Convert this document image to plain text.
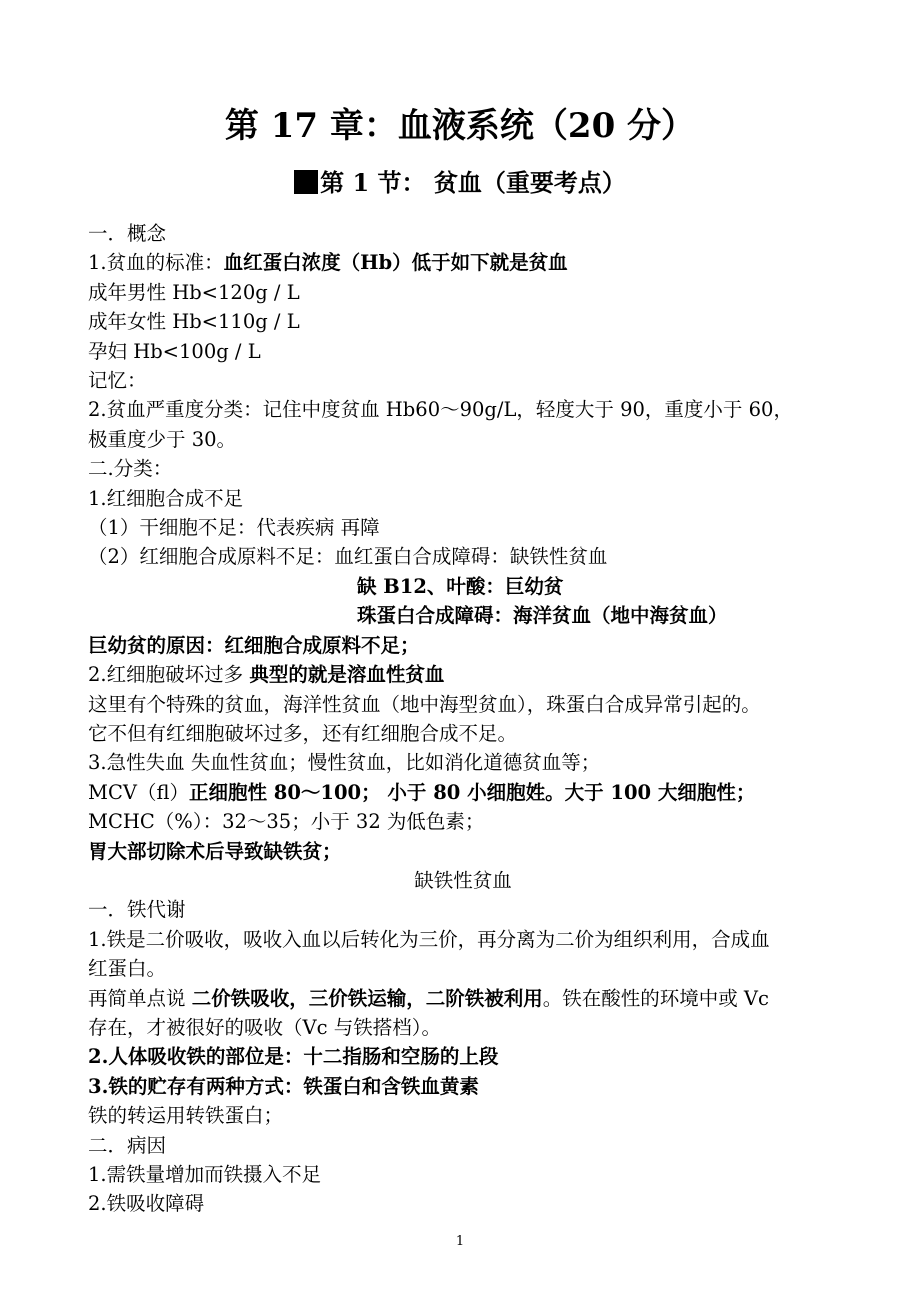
第 17 章：血液系统（20 分）
第 1 节： 贫血（重要考点）
一．概念
1.贫血的标准：血红蛋白浓度（Hb）低于如下就是贫血
成年男性 Hb<120g / L
成年女性 Hb<110g / L
孕妇 Hb<100g / L
记忆：
2.贫血严重度分类：记住中度贫血 Hb60～90g/L，轻度大于 90，重度小于 60，
极重度少于 30。
二.分类：
1.红细胞合成不足
（1）干细胞不足：代表疾病 再障
（2）红细胞合成原料不足：血红蛋白合成障碍：缺铁性贫血
缺 B12、叶酸：巨幼贫
珠蛋白合成障碍：海洋贫血（地中海贫血）
巨幼贫的原因：红细胞合成原料不足；
2.红细胞破坏过多 典型的就是溶血性贫血
这里有个特殊的贫血，海洋性贫血（地中海型贫血），珠蛋白合成异常引起的。
它不但有红细胞破坏过多，还有红细胞合成不足。
3.急性失血 失血性贫血；慢性贫血，比如消化道德贫血等；
MCV（fl）正细胞性 80～100； 小于 80 小细胞姓。大于 100 大细胞性；
MCHC（%）：32～35；小于 32 为低色素；
胃大部切除术后导致缺铁贫；
缺铁性贫血
一．铁代谢
1.铁是二价吸收，吸收入血以后转化为三价，再分离为二价为组织利用，合成血
红蛋白。
再简单点说 二价铁吸收，三价铁运输，二阶铁被利用。铁在酸性的环境中或 Vc
存在，才被很好的吸收（Vc 与铁搭档）。
2.人体吸收铁的部位是：十二指肠和空肠的上段
3.铁的贮存有两种方式：铁蛋白和含铁血黄素
铁的转运用转铁蛋白；
二．病因
1.需铁量增加而铁摄入不足
2.铁吸收障碍
1
